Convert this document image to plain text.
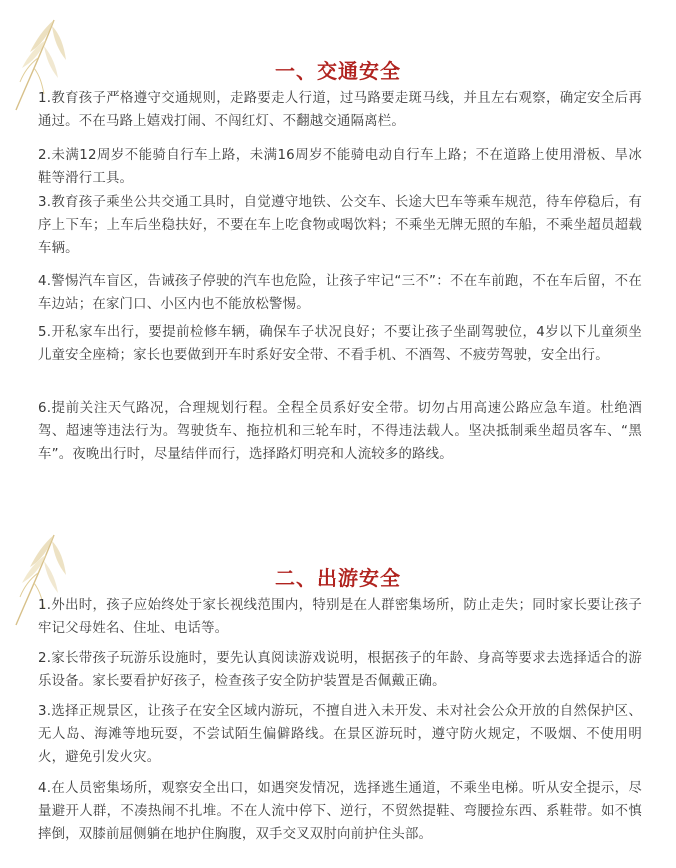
一、交通安全

1.教育孩子严格遵守交通规则，走路要走人行道，过马路要走斑马线，并且左右观察，确定安全后再通过。不在马路上嬉戏打闹、不闯红灯、不翻越交通隔离栏。

2.未满12周岁不能骑自行车上路，未满16周岁不能骑电动自行车上路；不在道路上使用滑板、旱冰鞋等滑行工具。

3.教育孩子乘坐公共交通工具时，自觉遵守地铁、公交车、长途大巴车等乘车规范，待车停稳后，有序上下车；上车后坐稳扶好，不要在车上吃食物或喝饮料；不乘坐无牌无照的车船，不乘坐超员超载车辆。

4.警惕汽车盲区，告诫孩子停驶的汽车也危险，让孩子牢记“三不”：不在车前跑，不在车后留，不在车边站；在家门口、小区内也不能放松警惕。

5.开私家车出行，要提前检修车辆，确保车子状况良好；不要让孩子坐副驾驶位，4岁以下儿童须坐儿童安全座椅；家长也要做到开车时系好安全带、不看手机、不酒驾、不疲劳驾驶，安全出行。

6.提前关注天气路况，合理规划行程。全程全员系好安全带。切勿占用高速公路应急车道。杜绝酒驾、超速等违法行为。驾驶货车、拖拉机和三轮车时，不得违法载人。坚决抵制乘坐超员客车、“黑车”。夜晚出行时，尽量结伴而行，选择路灯明亮和人流较多的路线。

二、出游安全

1.外出时，孩子应始终处于家长视线范围内，特别是在人群密集场所，防止走失；同时家长要让孩子牢记父母姓名、住址、电话等。

2.家长带孩子玩游乐设施时，要先认真阅读游戏说明，根据孩子的年龄、身高等要求去选择适合的游乐设备。家长要看护好孩子，检查孩子安全防护装置是否佩戴正确。

3.选择正规景区，让孩子在安全区域内游玩，不擅自进入未开发、未对社会公众开放的自然保护区、无人岛、海滩等地玩耍，不尝试陌生偏僻路线。在景区游玩时，遵守防火规定，不吸烟、不使用明火，避免引发火灾。

4.在人员密集场所，观察安全出口，如遇突发情况，选择逃生通道，不乘坐电梯。听从安全提示，尽量避开人群，不凑热闹不扎堆。不在人流中停下、逆行，不贸然提鞋、弯腰捡东西、系鞋带。如不慎摔倒，双膝前屈侧躺在地护住胸腹，双手交叉双肘向前护住头部。
